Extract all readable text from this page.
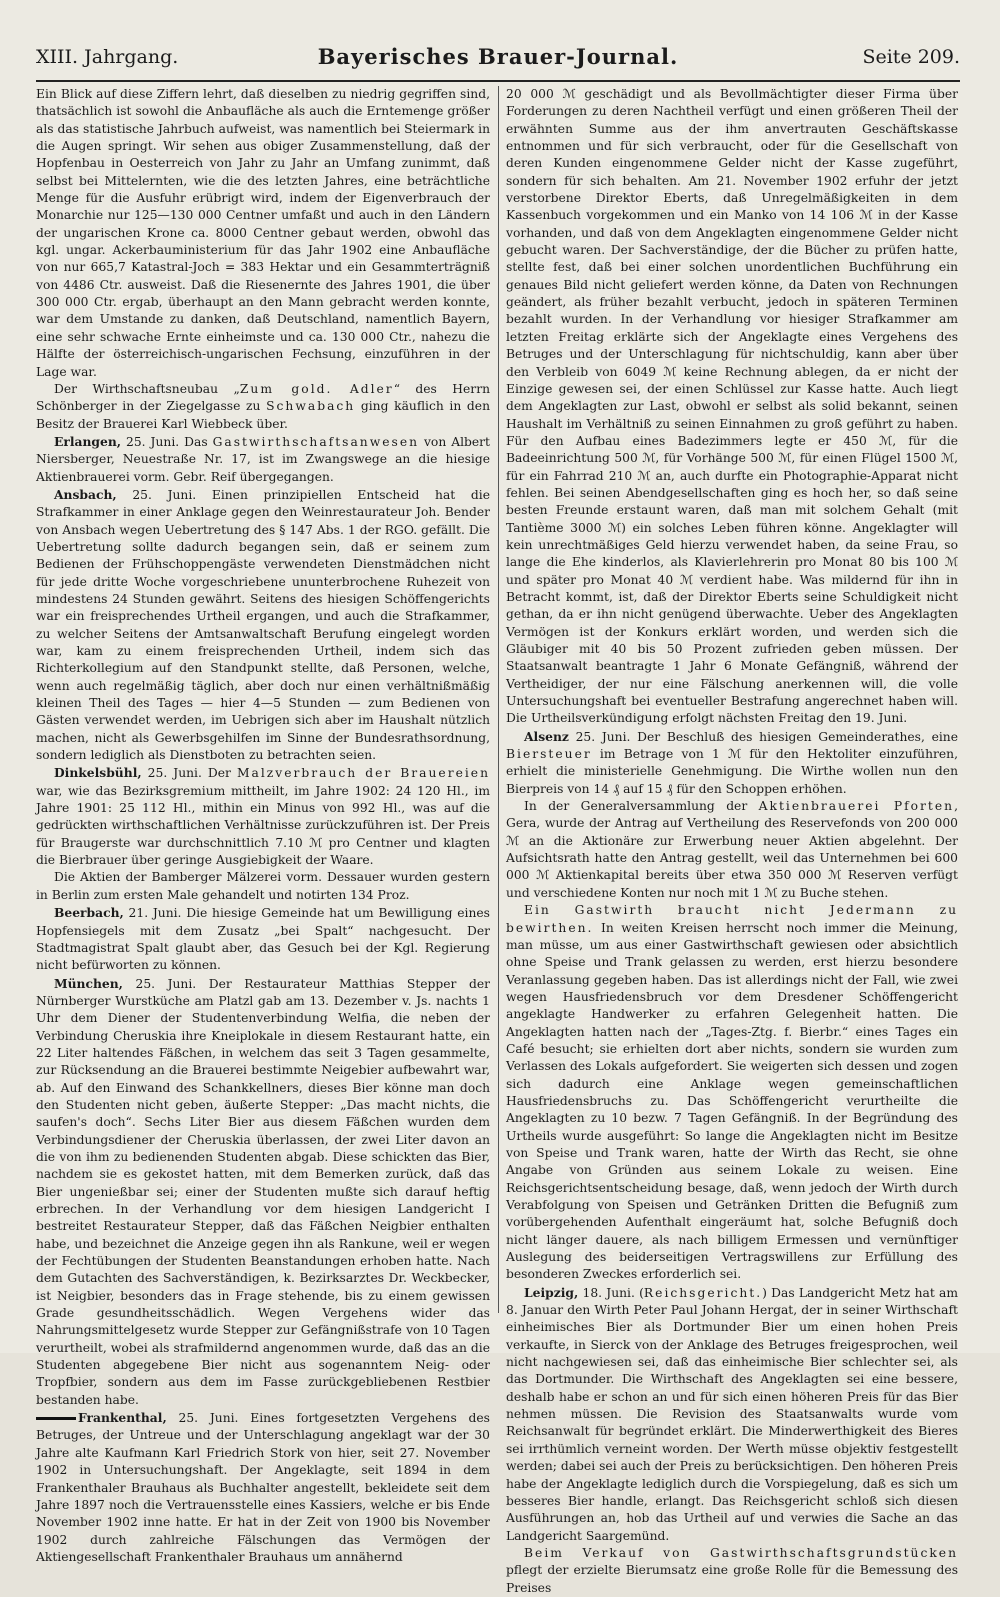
XIII. Jahrgang.	Bayerisches Brauer-Journal.	Seite 209.

Ein Blick auf diese Ziffern lehrt, daß dieselben zu niedrig gegriffen sind, thatsächlich ist sowohl die Anbaufläche als auch die Erntemenge größer als das statistische Jahrbuch aufweist, was namentlich bei Steiermark in die Augen springt. Wir sehen aus obiger Zusammenstellung, daß der Hopfenbau in Oesterreich von Jahr zu Jahr an Umfang zunimmt, daß selbst bei Mittelernten, wie die des letzten Jahres, eine beträchtliche Menge für die Ausfuhr erübrigt wird, indem der Eigenverbrauch der Monarchie nur 125—130 000 Centner umfaßt und auch in den Ländern der ungarischen Krone ca. 8000 Centner gebaut werden, obwohl das kgl. ungar. Ackerbauministerium für das Jahr 1902 eine Anbaufläche von nur 665,7 Katastral-Joch = 383 Hektar und ein Gesammterträgniß von 4486 Ctr. ausweist. Daß die Riesenernte des Jahres 1901, die über 300 000 Ctr. ergab, überhaupt an den Mann gebracht werden konnte, war dem Umstande zu danken, daß Deutschland, namentlich Bayern, eine sehr schwache Ernte einheimste und ca. 130 000 Ctr., nahezu die Hälfte der österreichisch-ungarischen Fechsung, einzuführen in der Lage war.

Der Wirthschaftsneubau „Zum gold. Adler“ des Herrn Schönberger in der Ziegelgasse zu Schwabach ging käuflich in den Besitz der Brauerei Karl Wiebbeck über.

Erlangen, 25. Juni. Das Gastwirthschaftsanwesen von Albert Niersberger, Neuestraße Nr. 17, ist im Zwangswege an die hiesige Aktienbrauerei vorm. Gebr. Reif übergegangen.

Ansbach, 25. Juni. Einen prinzipiellen Entscheid hat die Strafkammer in einer Anklage gegen den Weinrestaurateur Joh. Bender von Ansbach wegen Uebertretung des § 147 Abs. 1 der RGO. gefällt. Die Uebertretung sollte dadurch begangen sein, daß er seinem zum Bedienen der Frühschoppengäste verwendeten Dienstmädchen nicht für jede dritte Woche vorgeschriebene ununterbrochene Ruhezeit von mindestens 24 Stunden gewährt. Seitens des hiesigen Schöffengerichts war ein freisprechendes Urtheil ergangen, und auch die Strafkammer, zu welcher Seitens der Amtsanwaltschaft Berufung eingelegt worden war, kam zu einem freisprechenden Urtheil, indem sich das Richterkollegium auf den Standpunkt stellte, daß Personen, welche, wenn auch regelmäßig täglich, aber doch nur einen verhältnißmäßig kleinen Theil des Tages — hier 4—5 Stunden — zum Bedienen von Gästen verwendet werden, im Uebrigen sich aber im Haushalt nützlich machen, nicht als Gewerbsgehilfen im Sinne der Bundesrathsordnung, sondern lediglich als Dienstboten zu betrachten seien.

Dinkelsbühl, 25. Juni. Der Malzverbrauch der Brauereien war, wie das Bezirksgremium mittheilt, im Jahre 1902: 24 120 Hl., im Jahre 1901: 25 112 Hl., mithin ein Minus von 992 Hl., was auf die gedrückten wirthschaftlichen Verhältnisse zurückzuführen ist. Der Preis für Braugerste war durchschnittlich 7.10 ℳ pro Centner und klagten die Bierbrauer über geringe Ausgiebigkeit der Waare.

Die Aktien der Bamberger Mälzerei vorm. Dessauer wurden gestern in Berlin zum ersten Male gehandelt und notirten 134 Proz.

Beerbach, 21. Juni. Die hiesige Gemeinde hat um Bewilligung eines Hopfensiegels mit dem Zusatz „bei Spalt“ nachgesucht. Der Stadtmagistrat Spalt glaubt aber, das Gesuch bei der Kgl. Regierung nicht befürworten zu können.

München, 25. Juni. Der Restaurateur Matthias Stepper der Nürnberger Wurstküche am Platzl gab am 13. Dezember v. Js. nachts 1 Uhr dem Diener der Studentenverbindung Welfia, die neben der Verbindung Cheruskia ihre Kneiplokale in diesem Restaurant hatte, ein 22 Liter haltendes Fäßchen, in welchem das seit 3 Tagen gesammelte, zur Rücksendung an die Brauerei bestimmte Neigebier aufbewahrt war, ab. Auf den Einwand des Schankkellners, dieses Bier könne man doch den Studenten nicht geben, äußerte Stepper: „Das macht nichts, die saufen's doch“. Sechs Liter Bier aus diesem Fäßchen wurden dem Verbindungsdiener der Cheruskia überlassen, der zwei Liter davon an die von ihm zu bedienenden Studenten abgab. Diese schickten das Bier, nachdem sie es gekostet hatten, mit dem Bemerken zurück, daß das Bier ungenießbar sei; einer der Studenten mußte sich darauf heftig erbrechen. In der Verhandlung vor dem hiesigen Landgericht I bestreitet Restaurateur Stepper, daß das Fäßchen Neigbier enthalten habe, und bezeichnet die Anzeige gegen ihn als Rankune, weil er wegen der Fechtübungen der Studenten Beanstandungen erhoben hatte. Nach dem Gutachten des Sachverständigen, k. Bezirksarztes Dr. Weckbecker, ist Neigbier, besonders das in Frage stehende, bis zu einem gewissen Grade gesundheitsschädlich. Wegen Vergehens wider das Nahrungsmittelgesetz wurde Stepper zur Gefängnißstrafe von 10 Tagen verurtheilt, wobei als strafmildernd angenommen wurde, daß das an die Studenten abgegebene Bier nicht aus sogenanntem Neig- oder Tropfbier, sondern aus dem im Fasse zurückgebliebenen Restbier bestanden habe.

Frankenthal, 25. Juni. Eines fortgesetzten Vergehens des Betruges, der Untreue und der Unterschlagung angeklagt war der 30 Jahre alte Kaufmann Karl Friedrich Stork von hier, seit 27. November 1902 in Untersuchungshaft. Der Angeklagte, seit 1894 in dem Frankenthaler Brauhaus als Buchhalter angestellt, bekleidete seit dem Jahre 1897 noch die Vertrauensstelle eines Kassiers, welche er bis Ende November 1902 inne hatte. Er hat in der Zeit von 1900 bis November 1902 durch zahlreiche Fälschungen das Vermögen der Aktiengesellschaft Frankenthaler Brauhaus um annähernd

20 000 ℳ geschädigt und als Bevollmächtigter dieser Firma über Forderungen zu deren Nachtheil verfügt und einen größeren Theil der erwähnten Summe aus der ihm anvertrauten Geschäftskasse entnommen und für sich verbraucht, oder für die Gesellschaft von deren Kunden eingenommene Gelder nicht der Kasse zugeführt, sondern für sich behalten. Am 21. November 1902 erfuhr der jetzt verstorbene Direktor Eberts, daß Unregelmäßigkeiten in dem Kassenbuch vorgekommen und ein Manko von 14 106 ℳ in der Kasse vorhanden, und daß von dem Angeklagten eingenommene Gelder nicht gebucht waren. Der Sachverständige, der die Bücher zu prüfen hatte, stellte fest, daß bei einer solchen unordentlichen Buchführung ein genaues Bild nicht geliefert werden könne, da Daten von Rechnungen geändert, als früher bezahlt verbucht, jedoch in späteren Terminen bezahlt wurden. In der Verhandlung vor hiesiger Strafkammer am letzten Freitag erklärte sich der Angeklagte eines Vergehens des Betruges und der Unterschlagung für nichtschuldig, kann aber über den Verbleib von 6049 ℳ keine Rechnung ablegen, da er nicht der Einzige gewesen sei, der einen Schlüssel zur Kasse hatte. Auch liegt dem Angeklagten zur Last, obwohl er selbst als solid bekannt, seinen Haushalt im Verhältniß zu seinen Einnahmen zu groß geführt zu haben. Für den Aufbau eines Badezimmers legte er 450 ℳ, für die Badeeinrichtung 500 ℳ, für Vorhänge 500 ℳ, für einen Flügel 1500 ℳ, für ein Fahrrad 210 ℳ an, auch durfte ein Photographie-Apparat nicht fehlen. Bei seinen Abendgesellschaften ging es hoch her, so daß seine besten Freunde erstaunt waren, daß man mit solchem Gehalt (mit Tantième 3000 ℳ) ein solches Leben führen könne. Angeklagter will kein unrechtmäßiges Geld hierzu verwendet haben, da seine Frau, so lange die Ehe kinderlos, als Klavierlehrerin pro Monat 80 bis 100 ℳ und später pro Monat 40 ℳ verdient habe. Was mildernd für ihn in Betracht kommt, ist, daß der Direktor Eberts seine Schuldigkeit nicht gethan, da er ihn nicht genügend überwachte. Ueber des Angeklagten Vermögen ist der Konkurs erklärt worden, und werden sich die Gläubiger mit 40 bis 50 Prozent zufrieden geben müssen. Der Staatsanwalt beantragte 1 Jahr 6 Monate Gefängniß, während der Vertheidiger, der nur eine Fälschung anerkennen will, die volle Untersuchungshaft bei eventueller Bestrafung angerechnet haben will. Die Urtheilsverkündigung erfolgt nächsten Freitag den 19. Juni.

Alsenz 25. Juni. Der Beschluß des hiesigen Gemeinderathes, eine Biersteuer im Betrage von 1 ℳ für den Hektoliter einzuführen, erhielt die ministerielle Genehmigung. Die Wirthe wollen nun den Bierpreis von 14 ₰ auf 15 ₰ für den Schoppen erhöhen.

In der Generalversammlung der Aktienbrauerei Pforten, Gera, wurde der Antrag auf Vertheilung des Reservefonds von 200 000 ℳ an die Aktionäre zur Erwerbung neuer Aktien abgelehnt. Der Aufsichtsrath hatte den Antrag gestellt, weil das Unternehmen bei 600 000 ℳ Aktienkapital bereits über etwa 350 000 ℳ Reserven verfügt und verschiedene Konten nur noch mit 1 ℳ zu Buche stehen.

Ein Gastwirth braucht nicht Jedermann zu bewirthen. In weiten Kreisen herrscht noch immer die Meinung, man müsse, um aus einer Gastwirthschaft gewiesen oder absichtlich ohne Speise und Trank gelassen zu werden, erst hierzu besondere Veranlassung gegeben haben. Das ist allerdings nicht der Fall, wie zwei wegen Hausfriedensbruch vor dem Dresdener Schöffengericht angeklagte Handwerker zu erfahren Gelegenheit hatten. Die Angeklagten hatten nach der „Tages-Ztg. f. Bierbr.“ eines Tages ein Café besucht; sie erhielten dort aber nichts, sondern sie wurden zum Verlassen des Lokals aufgefordert. Sie weigerten sich dessen und zogen sich dadurch eine Anklage wegen gemeinschaftlichen Hausfriedensbruchs zu. Das Schöffengericht verurtheilte die Angeklagten zu 10 bezw. 7 Tagen Gefängniß. In der Begründung des Urtheils wurde ausgeführt: So lange die Angeklagten nicht im Besitze von Speise und Trank waren, hatte der Wirth das Recht, sie ohne Angabe von Gründen aus seinem Lokale zu weisen. Eine Reichsgerichtsentscheidung besage, daß, wenn jedoch der Wirth durch Verabfolgung von Speisen und Getränken Dritten die Befugniß zum vorübergehenden Aufenthalt eingeräumt hat, solche Befugniß doch nicht länger dauere, als nach billigem Ermessen und vernünftiger Auslegung des beiderseitigen Vertragswillens zur Erfüllung des besonderen Zweckes erforderlich sei.

Leipzig, 18. Juni. (Reichsgericht.) Das Landgericht Metz hat am 8. Januar den Wirth Peter Paul Johann Hergat, der in seiner Wirthschaft einheimisches Bier als Dortmunder Bier um einen hohen Preis verkaufte, in Sierck von der Anklage des Betruges freigesprochen, weil nicht nachgewiesen sei, daß das einheimische Bier schlechter sei, als das Dortmunder. Die Wirthschaft des Angeklagten sei eine bessere, deshalb habe er schon an und für sich einen höheren Preis für das Bier nehmen müssen. Die Revision des Staatsanwalts wurde vom Reichsanwalt für begründet erklärt. Die Minderwerthigkeit des Bieres sei irrthümlich verneint worden. Der Werth müsse objektiv festgestellt werden; dabei sei auch der Preis zu berücksichtigen. Den höheren Preis habe der Angeklagte lediglich durch die Vorspiegelung, daß es sich um besseres Bier handle, erlangt. Das Reichsgericht schloß sich diesen Ausführungen an, hob das Urtheil auf und verwies die Sache an das Landgericht Saargemünd.

Beim Verkauf von Gastwirthschaftsgrundstücken pflegt der erzielte Bierumsatz eine große Rolle für die Bemessung des Preises
